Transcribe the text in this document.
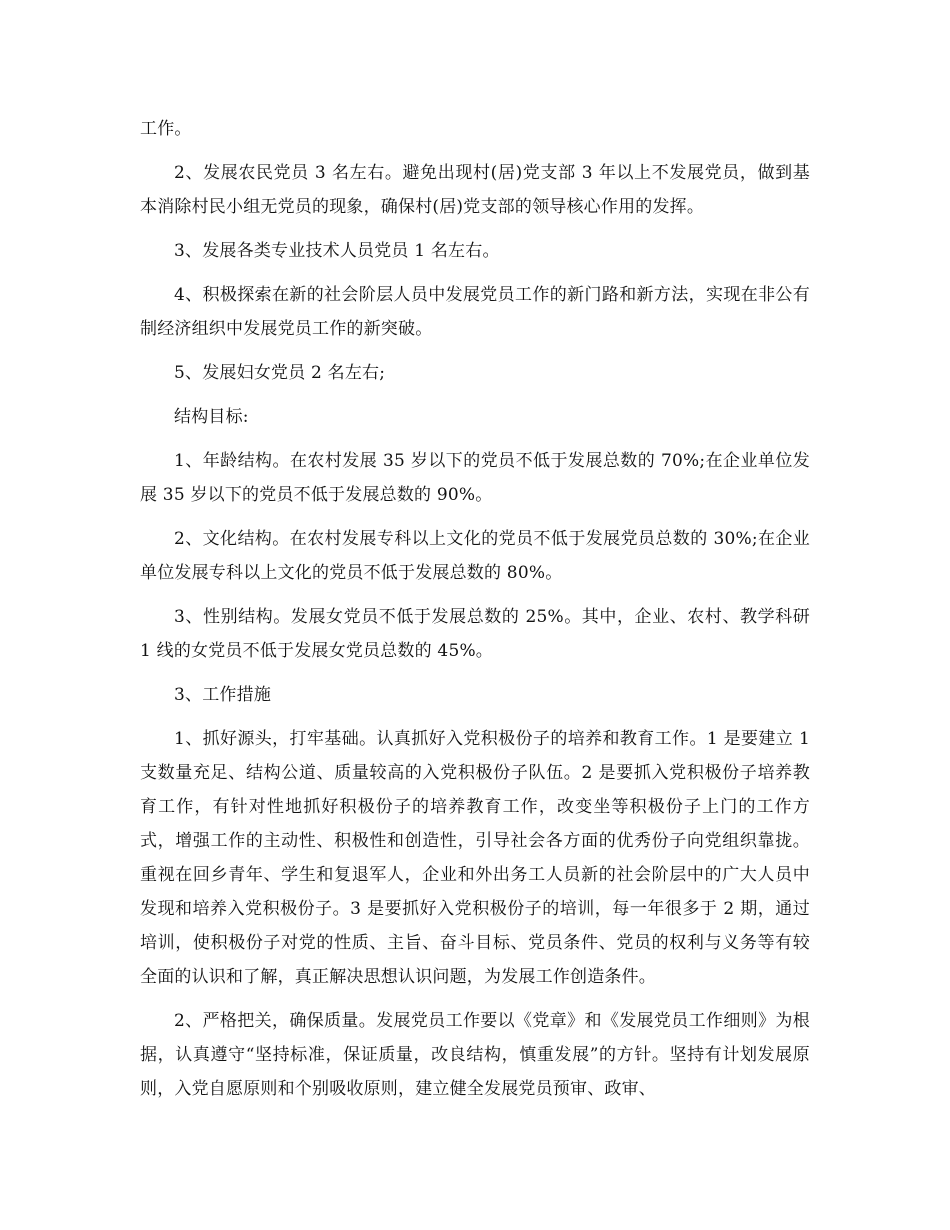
工作。

2、发展农民党员 3 名左右。避免出现村(居)党支部 3 年以上不发展党员，做到基本消除村民小组无党员的现象，确保村(居)党支部的领导核心作用的发挥。

3、发展各类专业技术人员党员 1 名左右。

4、积极探索在新的社会阶层人员中发展党员工作的新门路和新方法，实现在非公有制经济组织中发展党员工作的新突破。

5、发展妇女党员 2 名左右;

结构目标:

1、年龄结构。在农村发展 35 岁以下的党员不低于发展总数的 70%;在企业单位发展 35 岁以下的党员不低于发展总数的 90%。

2、文化结构。在农村发展专科以上文化的党员不低于发展党员总数的 30%;在企业单位发展专科以上文化的党员不低于发展总数的 80%。

3、性别结构。发展女党员不低于发展总数的 25%。其中，企业、农村、教学科研 1 线的女党员不低于发展女党员总数的 45%。

3、工作措施

1、抓好源头，打牢基础。认真抓好入党积极份子的培养和教育工作。1 是要建立 1 支数量充足、结构公道、质量较高的入党积极份子队伍。2 是要抓入党积极份子培养教育工作，有针对性地抓好积极份子的培养教育工作，改变坐等积极份子上门的工作方式，增强工作的主动性、积极性和创造性，引导社会各方面的优秀份子向党组织靠拢。重视在回乡青年、学生和复退军人，企业和外出务工人员新的社会阶层中的广大人员中发现和培养入党积极份子。3 是要抓好入党积极份子的培训，每一年很多于 2 期，通过培训，使积极份子对党的性质、主旨、奋斗目标、党员条件、党员的权利与义务等有较全面的认识和了解，真正解决思想认识问题，为发展工作创造条件。

2、严格把关，确保质量。发展党员工作要以《党章》和《发展党员工作细则》为根据，认真遵守“坚持标准，保证质量，改良结构，慎重发展”的方针。坚持有计划发展原则，入党自愿原则和个别吸收原则，建立健全发展党员预审、政审、
